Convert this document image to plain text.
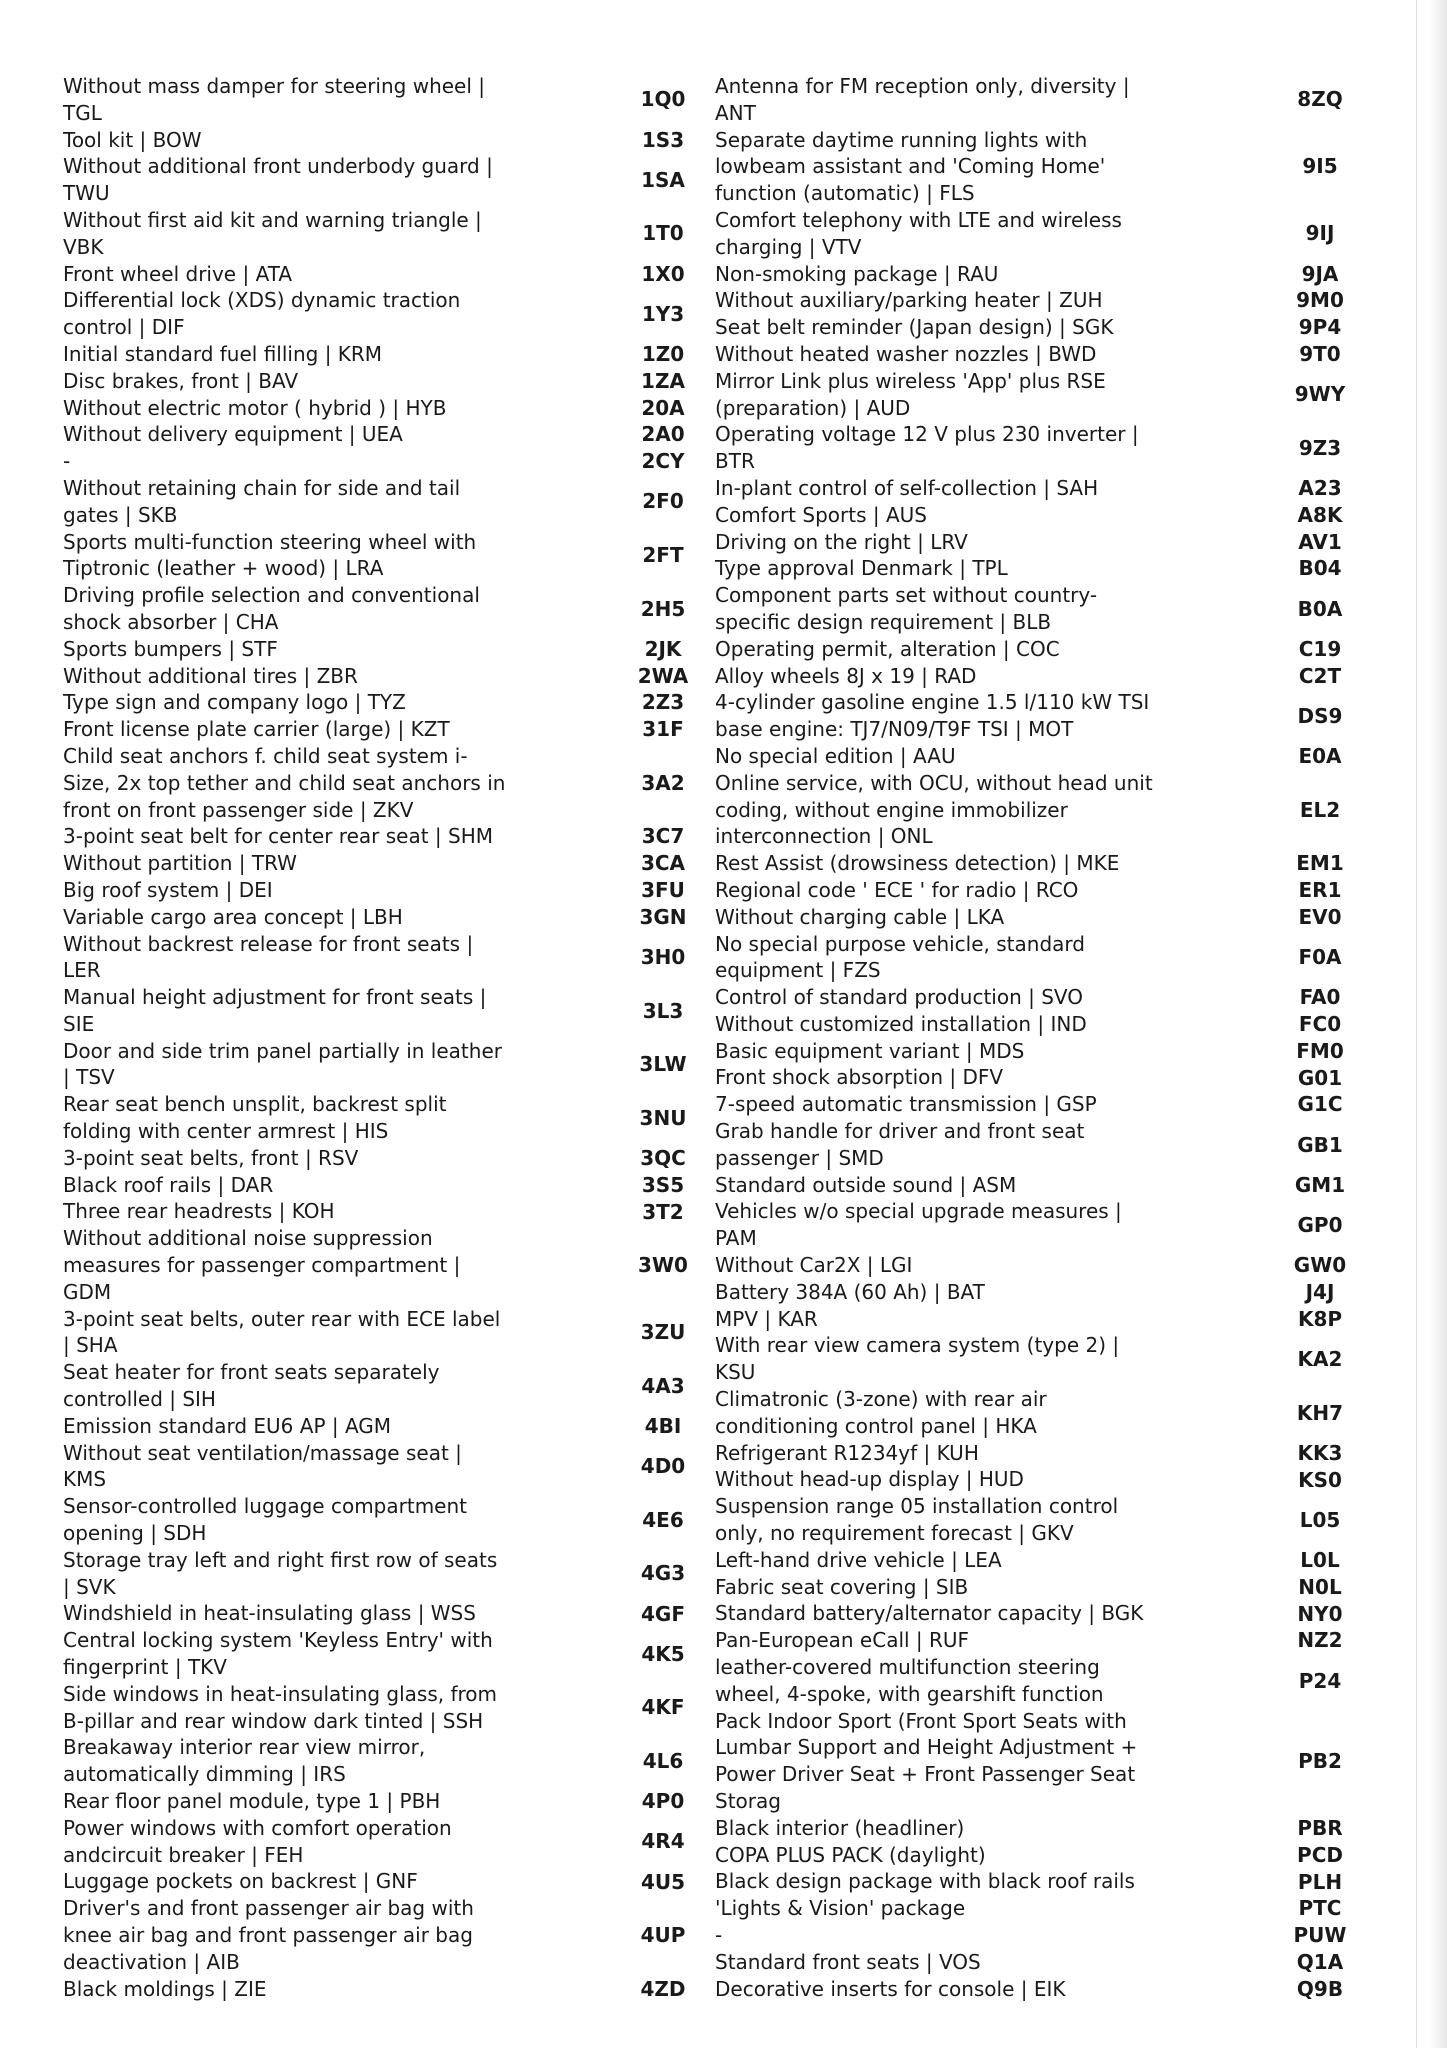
Without mass damper for steering wheel |
TGL
Tool kit | BOW
Without additional front underbody guard |
TWU
Without first aid kit and warning triangle |
VBK
Front wheel drive | ATA
Differential lock (XDS) dynamic traction
control | DIF
Initial standard fuel filling | KRM
Disc brakes, front | BAV
Without electric motor ( hybrid ) | HYB
Without delivery equipment | UEA
-
Without retaining chain for side and tail
gates | SKB
Sports multi-function steering wheel with
Tiptronic (leather + wood) | LRA
Driving profile selection and conventional
shock absorber | CHA
Sports bumpers | STF
Without additional tires | ZBR
Type sign and company logo | TYZ
Front license plate carrier (large) | KZT
Child seat anchors f. child seat system i-
Size, 2x top tether and child seat anchors in
front on front passenger side | ZKV
3-point seat belt for center rear seat | SHM
Without partition | TRW
Big roof system | DEI
Variable cargo area concept | LBH
Without backrest release for front seats |
LER
Manual height adjustment for front seats |
SIE
Door and side trim panel partially in leather
| TSV
Rear seat bench unsplit, backrest split
folding with center armrest | HIS
3-point seat belts, front | RSV
Black roof rails | DAR
Three rear headrests | KOH
Without additional noise suppression
measures for passenger compartment |
GDM
3-point seat belts, outer rear with ECE label
| SHA
Seat heater for front seats separately
controlled | SIH
Emission standard EU6 AP | AGM
Without seat ventilation/massage seat |
KMS
Sensor-controlled luggage compartment
opening | SDH
Storage tray left and right first row of seats
| SVK
Windshield in heat-insulating glass | WSS
Central locking system 'Keyless Entry' with
fingerprint | TKV
Side windows in heat-insulating glass, from
B-pillar and rear window dark tinted | SSH
Breakaway interior rear view mirror,
automatically dimming | IRS
Rear floor panel module, type 1 | PBH
Power windows with comfort operation
andcircuit breaker | FEH
Luggage pockets on backrest | GNF
Driver's and front passenger air bag with
knee air bag and front passenger air bag
deactivation | AIB
Black moldings | ZIE
1Q0
1S3
1SA
1T0
1X0
1Y3
1Z0
1ZA
20A
2A0
2CY
2F0
2FT
2H5
2JK
2WA
2Z3
31F
3A2
3C7
3CA
3FU
3GN
3H0
3L3
3LW
3NU
3QC
3S5
3T2
3W0
3ZU
4A3
4BI
4D0
4E6
4G3
4GF
4K5
4KF
4L6
4P0
4R4
4U5
4UP
4ZD
Antenna for FM reception only, diversity |
ANT
Separate daytime running lights with
lowbeam assistant and 'Coming Home'
function (automatic) | FLS
Comfort telephony with LTE and wireless
charging | VTV
Non-smoking package | RAU
Without auxiliary/parking heater | ZUH
Seat belt reminder (Japan design) | SGK
Without heated washer nozzles | BWD
Mirror Link plus wireless 'App' plus RSE
(preparation) | AUD
Operating voltage 12 V plus 230 inverter |
BTR
In-plant control of self-collection | SAH
Comfort Sports | AUS
Driving on the right | LRV
Type approval Denmark | TPL
Component parts set without country-
specific design requirement | BLB
Operating permit, alteration | COC
Alloy wheels 8J x 19 | RAD
4-cylinder gasoline engine 1.5 l/110 kW TSI
base engine: TJ7/N09/T9F TSI | MOT
No special edition | AAU
Online service, with OCU, without head unit
coding, without engine immobilizer
interconnection | ONL
Rest Assist (drowsiness detection) | MKE
Regional code ' ECE ' for radio | RCO
Without charging cable | LKA
No special purpose vehicle, standard
equipment | FZS
Control of standard production | SVO
Without customized installation | IND
Basic equipment variant | MDS
Front shock absorption | DFV
7-speed automatic transmission | GSP
Grab handle for driver and front seat
passenger | SMD
Standard outside sound | ASM
Vehicles w/o special upgrade measures |
PAM
Without Car2X | LGI
Battery 384A (60 Ah) | BAT
MPV | KAR
With rear view camera system (type 2) |
KSU
Climatronic (3-zone) with rear air
conditioning control panel | HKA
Refrigerant R1234yf | KUH
Without head-up display | HUD
Suspension range 05 installation control
only, no requirement forecast | GKV
Left-hand drive vehicle | LEA
Fabric seat covering | SIB
Standard battery/alternator capacity | BGK
Pan-European eCall | RUF
leather-covered multifunction steering
wheel, 4-spoke, with gearshift function
Pack Indoor Sport (Front Sport Seats with
Lumbar Support and Height Adjustment +
Power Driver Seat + Front Passenger Seat
Storag
Black interior (headliner)
COPA PLUS PACK (daylight)
Black design package with black roof rails
'Lights & Vision' package
-
Standard front seats | VOS
Decorative inserts for console | EIK
8ZQ
9I5
9IJ
9JA
9M0
9P4
9T0
9WY
9Z3
A23
A8K
AV1
B04
B0A
C19
C2T
DS9
E0A
EL2
EM1
ER1
EV0
F0A
FA0
FC0
FM0
G01
G1C
GB1
GM1
GP0
GW0
J4J
K8P
KA2
KH7
KK3
KS0
L05
L0L
N0L
NY0
NZ2
P24
PB2
PBR
PCD
PLH
PTC
PUW
Q1A
Q9B
